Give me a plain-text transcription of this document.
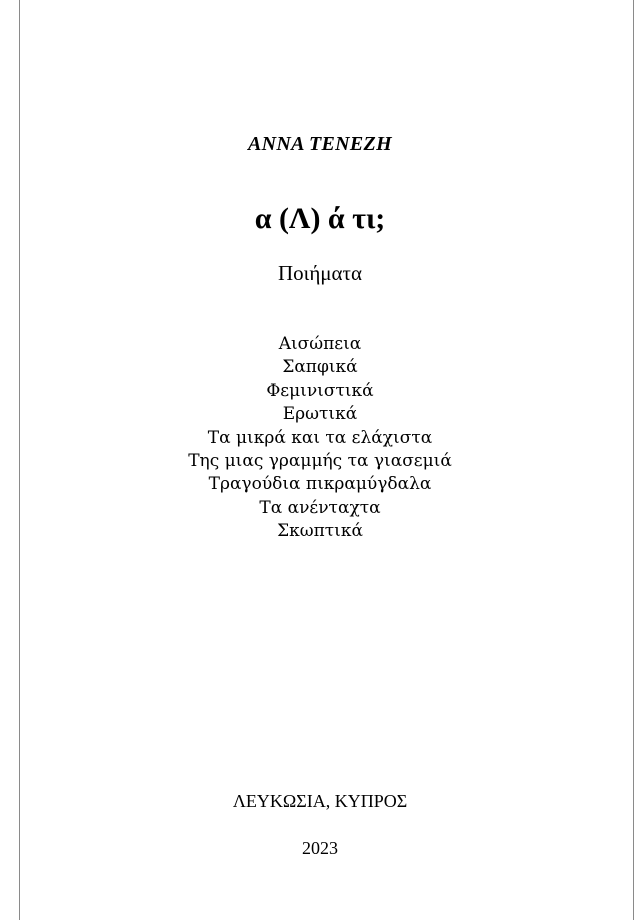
ΑΝΝΑ ΤΕΝΕΖΗ
α (Λ) ά τι;
Ποιήματα
Αισώπεια
Σαπφικά
Φεμινιστικά
Ερωτικά
Τα μικρά και τα ελάχιστα
Της μιας γραμμής τα γιασεμιά
Τραγούδια πικραμύγδαλα
Τα ανένταχτα
Σκωπτικά
ΛΕΥΚΩΣΙΑ, ΚΥΠΡΟΣ
2023
